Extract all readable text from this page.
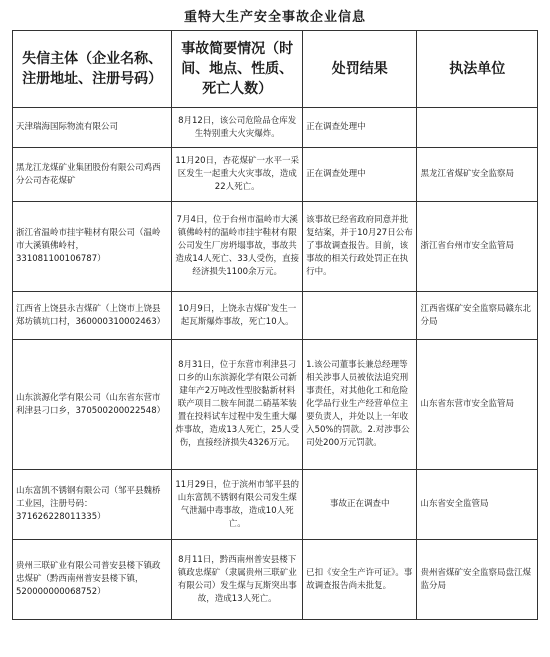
重特大生产安全事故企业信息
失信主体（企业名称、注册地址、注册号码）	事故简要情况（时间、地点、性质、死亡人数）	处罚结果	执法单位
天津瑞海国际物流有限公司	8月12日，该公司危险品仓库发生特别重大火灾爆炸。	正在调查处理中	
黑龙江龙煤矿业集团股份有限公司鸡西分公司杏花煤矿	11月20日，杏花煤矿一水平一采区发生一起重大火灾事故，造成22人死亡。	正在调查处理中	黑龙江省煤矿安全监察局
浙江省温岭市挂宇鞋材有限公司（温岭市大溪镇佛岭村，331081100106787）	7月4日，位于台州市温岭市大溪镇佛岭村的温岭市挂宇鞋材有限公司发生厂房坍塌事故，事故共造成14人死亡、33人受伤，直接经济损失1100余万元。	该事故已经省政府同意并批复结案，并于10月27日公布了事故调查报告。目前，该事故的相关行政处罚正在执行中。	浙江省台州市安全监管局
江西省上饶县永吉煤矿（上饶市上饶县郑坊镇坑口村，360000310002463）	10月9日，上饶永吉煤矿发生一起瓦斯爆炸事故，死亡10人。		江西省煤矿安全监察局赣东北分局
山东滨源化学有限公司（山东省东营市利津县刁口乡，370500200022548）	8月31日，位于东营市利津县刁口乡的山东滨源化学有限公司新建年产2万吨改性型胶黏新材料联产项目二胺车间混二硝基苯装置在投料试车过程中发生重大爆炸事故，造成13人死亡，25人受伤，直接经济损失4326万元。	1.该公司董事长兼总经理等相关涉事人员被依法追究刑事责任，对其他化工和危险化学品行业生产经营单位主要负责人，并处以上一年收入50%的罚款。2.对涉事公司处200万元罚款。	山东省东营市安全监管局
山东富凯不锈钢有限公司（邹平县魏桥工业园，注册号码：371626228011335）	11月29日，位于滨州市邹平县的山东富凯不锈钢有限公司发生煤气泄漏中毒事故，造成10人死亡。	事故正在调查中	山东省安全监管局
贵州三联矿业有限公司普安县楼下镇政忠煤矿（黔西南州普安县楼下镇，520000000068752）	8月11日，黔西南州普安县楼下镇政忠煤矿（隶属贵州三联矿业有限公司）发生煤与瓦斯突出事故，造成13人死亡。	已扣《安全生产许可证》。事故调查报告尚未批复。	贵州省煤矿安全监察局盘江煤监分局
